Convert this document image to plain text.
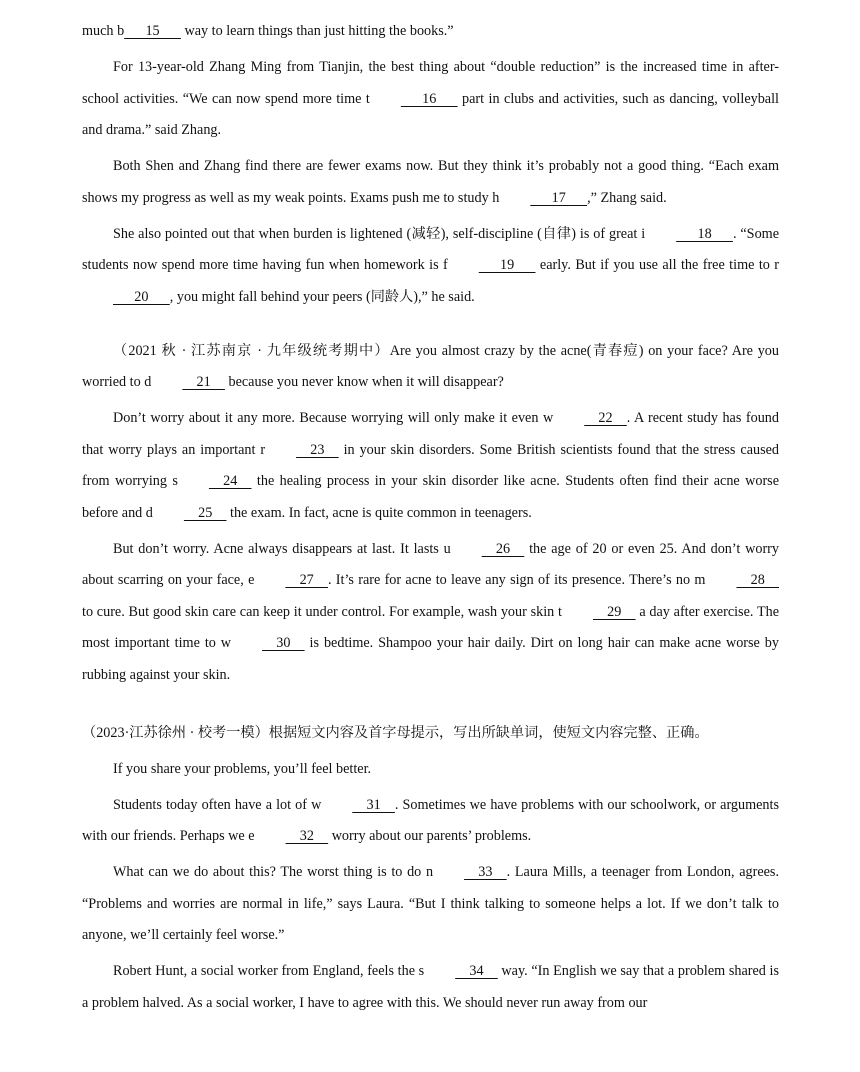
much b      15       way to learn things than just hitting the books.”

For 13-year-old Zhang Ming from Tianjin, the best thing about “double reduction” is the increased time in after-school activities. “We can now spend more time t      16       part in clubs and activities, such as dancing, volleyball and drama.” said Zhang.

Both Shen and Zhang find there are fewer exams now. But they think it’s probably not a good thing. “Each exam shows my progress as well as my weak points. Exams push me to study h      17      ,” Zhang said.

She also pointed out that when burden is lightened (减轻), self-discipline (自律) is of great i      18      . “Some students now spend more time having fun when homework is f      19       early. But if you use all the free time to r      20      , you might fall behind your peers (同龄人),” he said.

（2021 秋 · 江苏南京 · 九年级统考期中）Are you almost crazy by the acne(青春痘) on your face? Are you worried to d    21     because you never know when it will disappear?

Don’t worry about it any more. Because worrying will only make it even w    22    . A recent study has found that worry plays an important r    23     in your skin disorders. Some British scientists found that the stress caused from worrying s    24     the healing process in your skin disorder like acne. Students often find their acne worse before and d    25     the exam. In fact, acne is quite common in teenagers.

But don’t worry. Acne always disappears at last. It lasts u    26     the age of 20 or even 25. And don’t worry about scarring on your face, e    27    . It’s rare for acne to leave any sign of its presence. There’s no m    28     to cure. But good skin care can keep it under control. For example, wash your skin t    29     a day after exercise. The most important time to w    30     is bedtime. Shampoo your hair daily. Dirt on long hair can make acne worse by rubbing against your skin.

（2023·江苏徐州 · 校考一模）根据短文内容及首字母提示，写出所缺单词，使短文内容完整、正确。

If you share your problems, you’ll feel better.

Students today often have a lot of w    31    . Sometimes we have problems with our schoolwork, or arguments with our friends. Perhaps we e    32     worry about our parents’ problems.

What can we do about this? The worst thing is to do n    33    . Laura Mills, a teenager from London, agrees. “Problems and worries are normal in life,” says Laura. “But I think talking to someone helps a lot. If we don’t talk to anyone, we’ll certainly feel worse.”

Robert Hunt, a social worker from England, feels the s    34     way. “In English we say that a problem shared is a problem halved. As a social worker, I have to agree with this. We should never run away from our
